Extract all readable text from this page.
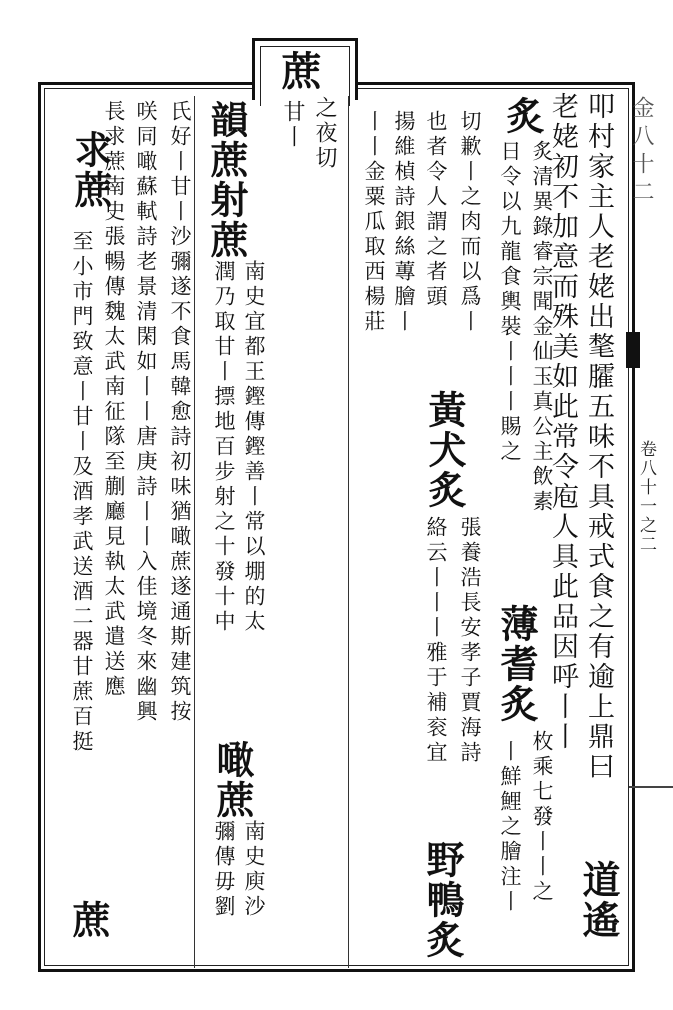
蔗
之夜切
甘丨	叩村家主人老姥出㲠臛五味不具戒式食之有逾上鼎曰
老姥初不加意而殊美如此常令庖人具此品因呼丨丨
道遙
炙
炙清異錄睿宗聞金仙玉真公主飲素
日令以九龍食輿裝丨丨丨賜之
薄耆炙
枚乘七發丨丨之
丨鮮鯉之膾注丨
切歉丨之肉而以爲丨
也者令人謂之者頭
黃犬炙
張養浩長安孝子賈海詩
絡云丨丨丨雅于補衮宜
野鴨炙
揚維楨詩銀絲蓴膾丨
丨丨金粟瓜取西楊莊
韻蔗射蔗
南史宜都王鏗傳鏗善丨常以堋的太
潤乃取甘丨摽地百步射之十發十中
噉蔗
南史庾沙
彌傳毋劉
氏好丨甘丨沙彌遂不食馬韓愈詩初味猶噉蔗遂通斯建筑按
咲同噉蘇軾詩老景清閑如丨丨唐庚詩丨丨入佳境冬來幽興
求蔗
長求蔗南史張暢傳魏太武南征隊至蒯廳見執太武遣送應
至小市門致意丨甘丨及酒孝武送酒二器甘蔗百挺
蔗
金八十二
卷八十一之二
